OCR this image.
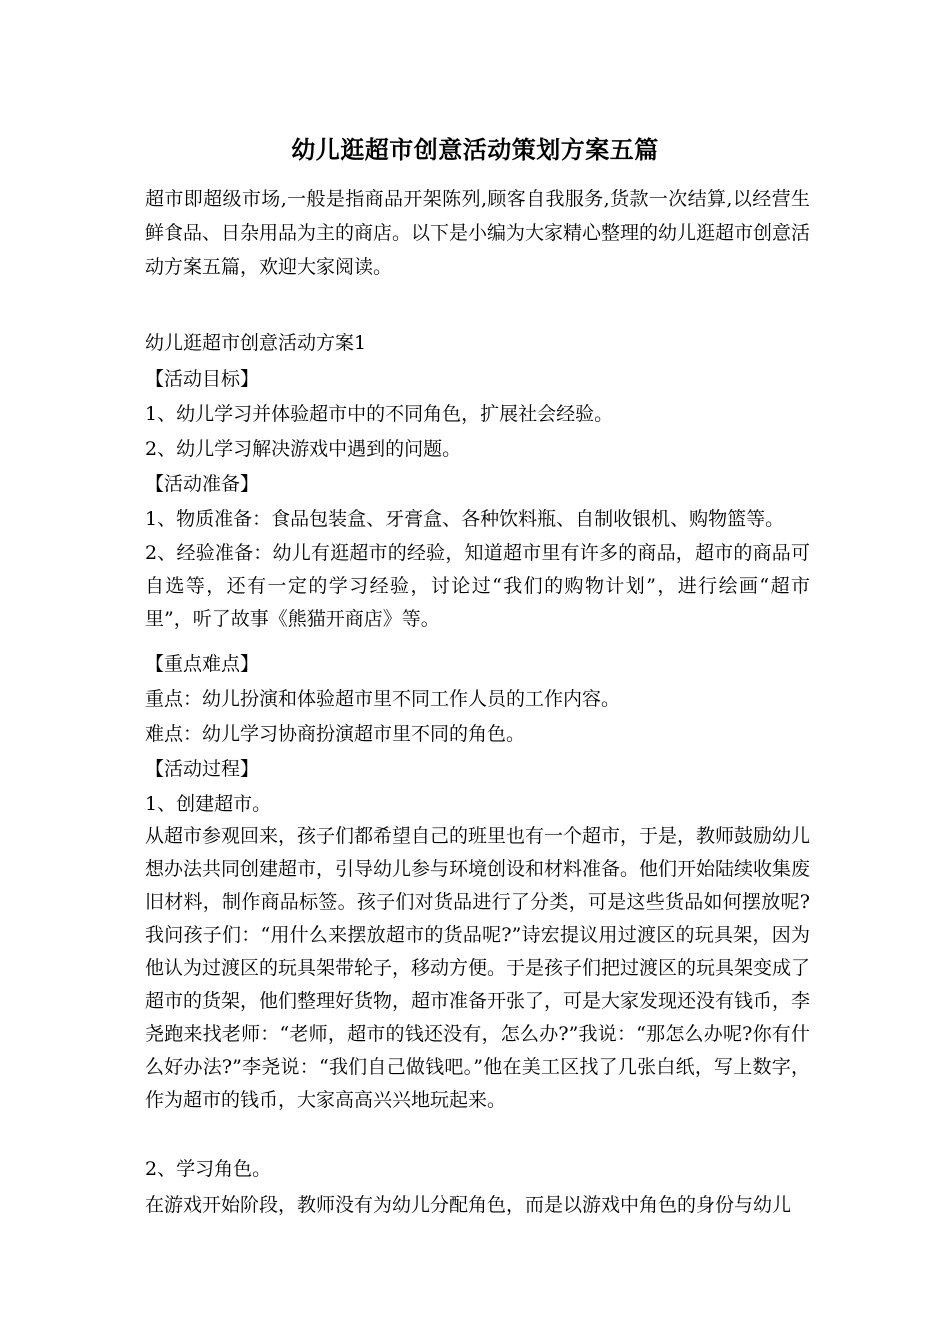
幼儿逛超市创意活动策划方案五篇
超市即超级市场,一般是指商品开架陈列,顾客自我服务,货款一次结算,以经营生鲜食品、日杂用品为主的商店。以下是小编为大家精心整理的幼儿逛超市创意活动方案五篇，欢迎大家阅读。
幼儿逛超市创意活动方案1
【活动目标】
1、幼儿学习并体验超市中的不同角色，扩展社会经验。
2、幼儿学习解决游戏中遇到的问题。
【活动准备】
1、物质准备：食品包装盒、牙膏盒、各种饮料瓶、自制收银机、购物篮等。
2、经验准备：幼儿有逛超市的经验，知道超市里有许多的商品，超市的商品可自选等，还有一定的学习经验，讨论过“我们的购物计划”，进行绘画“超市里”，听了故事《熊猫开商店》等。
【重点难点】
重点：幼儿扮演和体验超市里不同工作人员的工作内容。
难点：幼儿学习协商扮演超市里不同的角色。
【活动过程】
1、创建超市。
从超市参观回来，孩子们都希望自己的班里也有一个超市，于是，教师鼓励幼儿想办法共同创建超市，引导幼儿参与环境创设和材料准备。他们开始陆续收集废旧材料，制作商品标签。孩子们对货品进行了分类，可是这些货品如何摆放呢?我问孩子们：“用什么来摆放超市的货品呢?”诗宏提议用过渡区的玩具架，因为他认为过渡区的玩具架带轮子，移动方便。于是孩子们把过渡区的玩具架变成了超市的货架，他们整理好货物，超市准备开张了，可是大家发现还没有钱币，李尧跑来找老师：“老师，超市的钱还没有，怎么办?”我说：“那怎么办呢?你有什么好办法?”李尧说：“我们自己做钱吧。”他在美工区找了几张白纸，写上数字，作为超市的钱币，大家高高兴兴地玩起来。
2、学习角色。
在游戏开始阶段，教师没有为幼儿分配角色，而是以游戏中角色的身份与幼儿
